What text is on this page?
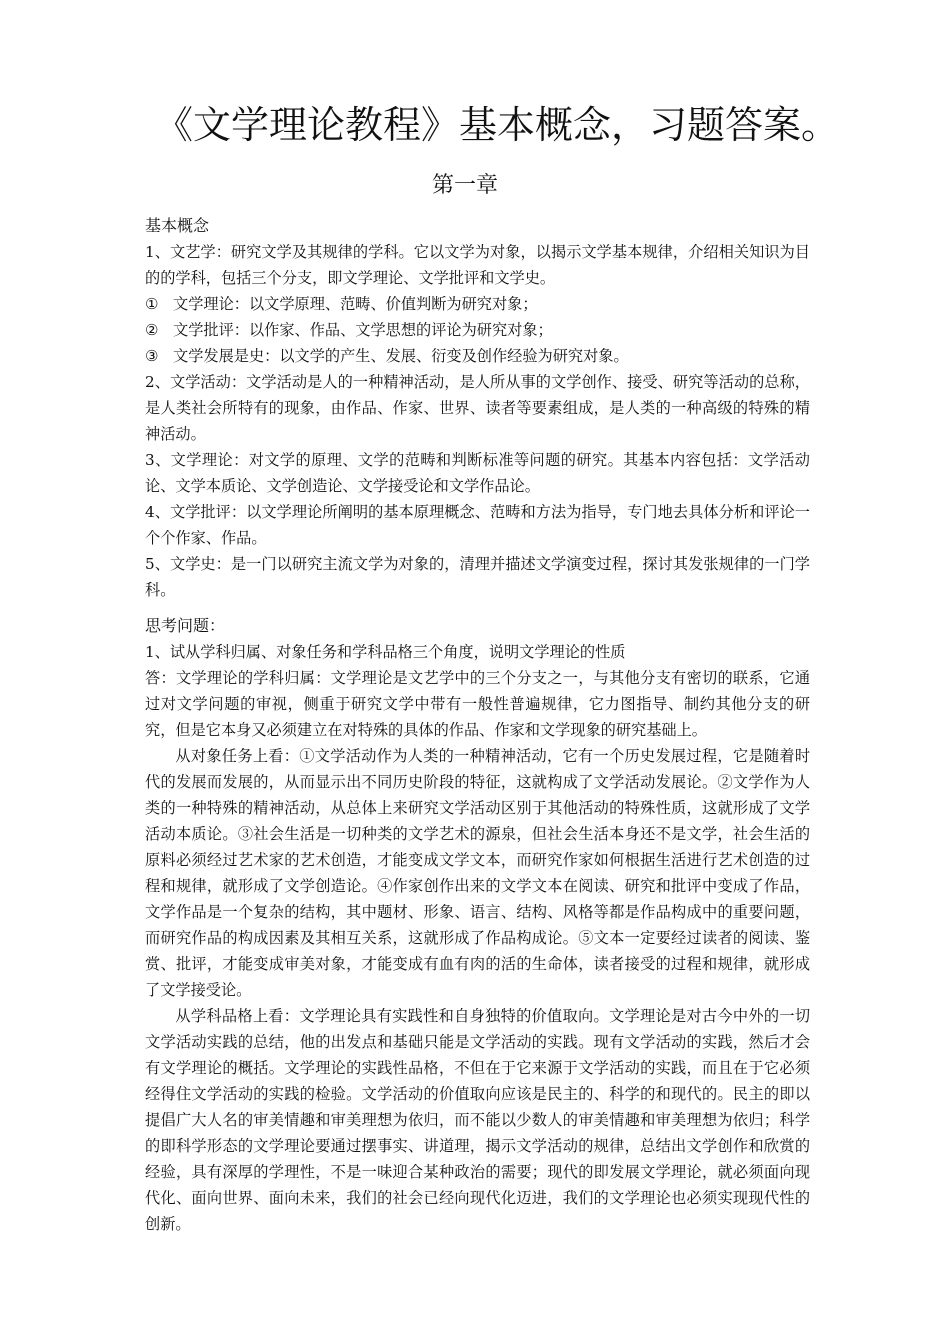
《文学理论教程》基本概念，习题答案。
第一章
基本概念

1、文艺学：研究文学及其规律的学科。它以文学为对象，以揭示文学基本规律，介绍相关知识为目的的学科，包括三个分支，即文学理论、文学批评和文学史。

① 文学理论：以文学原理、范畴、价值判断为研究对象；
② 文学批评：以作家、作品、文学思想的评论为研究对象；
③ 文学发展是史：以文学的产生、发展、衍变及创作经验为研究对象。

2、文学活动：文学活动是人的一种精神活动，是人所从事的文学创作、接受、研究等活动的总称，是人类社会所特有的现象，由作品、作家、世界、读者等要素组成，是人类的一种高级的特殊的精神活动。

3、文学理论：对文学的原理、文学的范畴和判断标准等问题的研究。其基本内容包括：文学活动论、文学本质论、文学创造论、文学接受论和文学作品论。

4、文学批评：以文学理论所阐明的基本原理概念、范畴和方法为指导，专门地去具体分析和评论一个个作家、作品。

5、文学史：是一门以研究主流文学为对象的，清理并描述文学演变过程，探讨其发张规律的一门学科。

思考问题：

1、试从学科归属、对象任务和学科品格三个角度，说明文学理论的性质

答：文学理论的学科归属：文学理论是文艺学中的三个分支之一，与其他分支有密切的联系，它通过对文学问题的审视，侧重于研究文学中带有一般性普遍规律，它力图指导、制约其他分支的研究，但是它本身又必须建立在对特殊的具体的作品、作家和文学现象的研究基础上。

从对象任务上看：①文学活动作为人类的一种精神活动，它有一个历史发展过程，它是随着时代的发展而发展的，从而显示出不同历史阶段的特征，这就构成了文学活动发展论。②文学作为人类的一种特殊的精神活动，从总体上来研究文学活动区别于其他活动的特殊性质，这就形成了文学活动本质论。③社会生活是一切种类的文学艺术的源泉，但社会生活本身还不是文学，社会生活的原料必须经过艺术家的艺术创造，才能变成文学文本，而研究作家如何根据生活进行艺术创造的过程和规律，就形成了文学创造论。④作家创作出来的文学文本在阅读、研究和批评中变成了作品，文学作品是一个复杂的结构，其中题材、形象、语言、结构、风格等都是作品构成中的重要问题，而研究作品的构成因素及其相互关系，这就形成了作品构成论。⑤文本一定要经过读者的阅读、鉴赏、批评，才能变成审美对象，才能变成有血有肉的活的生命体，读者接受的过程和规律，就形成了文学接受论。

从学科品格上看：文学理论具有实践性和自身独特的价值取向。文学理论是对古今中外的一切文学活动实践的总结，他的出发点和基础只能是文学活动的实践。现有文学活动的实践，然后才会有文学理论的概括。文学理论的实践性品格，不但在于它来源于文学活动的实践，而且在于它必须经得住文学活动的实践的检验。文学活动的价值取向应该是民主的、科学的和现代的。民主的即以提倡广大人名的审美情趣和审美理想为依归，而不能以少数人的审美情趣和审美理想为依归；科学的即科学形态的文学理论要通过摆事实、讲道理，揭示文学活动的规律，总结出文学创作和欣赏的经验，具有深厚的学理性，不是一味迎合某种政治的需要；现代的即发展文学理论，就必须面向现代化、面向世界、面向未来，我们的社会已经向现代化迈进，我们的文学理论也必须实现现代性的创新。
